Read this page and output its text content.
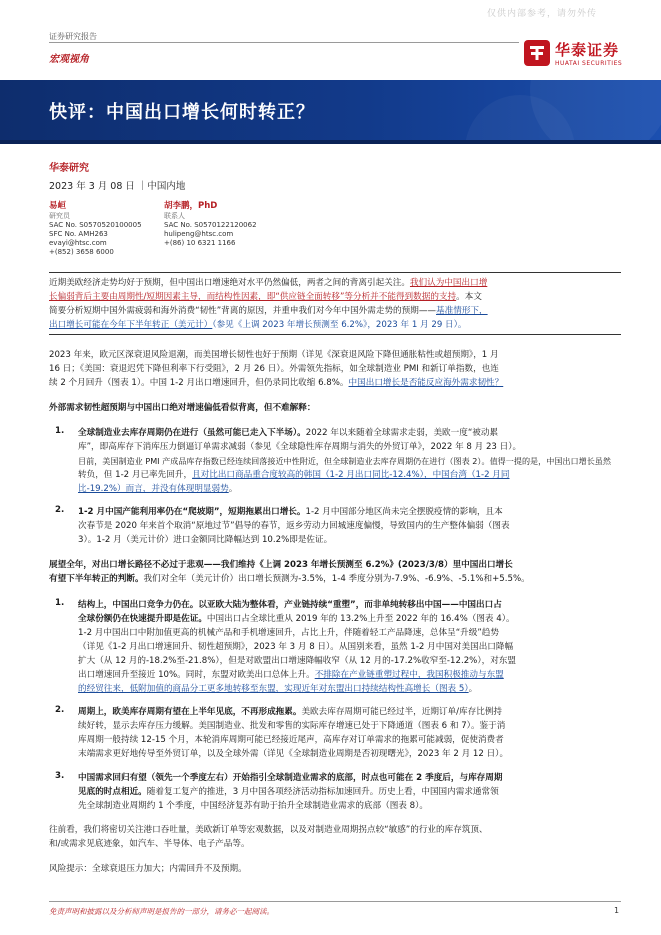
仅供内部参考，请勿外传
证券研究报告
宏观视角
华泰证券
HUATAI SECURITIES
快评：中国出口增长何时转正？
华泰研究
2023 年 3 月 08 日 ｜中国内地
易峘
研究员
SAC No. S0570520100005
SFC No. AMH263
evayi@htsc.com
+(852) 3658 6000
胡李鹏，PhD
联系人
SAC No. S0570122120062
hulipeng@htsc.com
+(86) 10 6321 1166
近期美欧经济走势均好于预期，但中国出口增速绝对水平仍然偏低，两者之间的背离引起关注。我们认为中国出口增
长偏弱背后主要由周期性/短期因素主导，而结构性因素，即“供应链全面转移”等分析并不能得到数据的支持。本文
简要分析短期中国外需疲弱和海外消费“韧性”背离的原因，并重申我们对今年中国外需走势的预期——基准情形下，
出口增长可能在今年下半年转正（美元计）（参见《上调 2023 年增长预测至 6.2%》，2023 年 1 月 29 日）。
2023 年来，欧元区深衰退风险退潮，而美国增长韧性也好于预期（详见《深衰退风险下降但通胀粘性或超预期》，1 月
16 日；《美国：衰退迟凭下降但利率下行受阻》，2 月 26 日）。外需领先指标，如全球制造业 PMI 和新订单指数，也连
续 2 个月回升（图表 1）。中国 1-2 月出口增速回升，但仍录同比收缩 6.8%。中国出口增长是否能反应海外需求韧性？
外部需求韧性超预期与中国出口绝对增速偏低看似背离，但不难解释：
1. 全球制造业去库存周期仍在进行（虽然可能已走入下半场）。2022 年以来随着全球需求走弱，美欧一度“被动累
库”，即高库存下消库压力倒逼订单需求减弱（参见《全球隐性库存周期与消失的外贸订单》，2022 年 8 月 23 日）。
目前，美国制造业 PMI 产成品库存指数已经连续回落接近中性附近，但全球制造业去库存周期仍在进行（图表 2）。值得一提的是，中国出口增长虽然
转负，但 1-2 月已率先回升，且对比出口商品重合度较高的韩国（1-2 月出口同比-12.4%），中国台湾（1-2 月同
比-19.2%）而言，并没有体现明显弱势。
2. 1-2 月中国产能利用率仍在“爬坡期”，短期拖累出口增长。1-2 月中国部分地区尚未完全摆脱疫情的影响，且本
次春节是 2020 年来首个取消“原地过节”倡导的春节，返乡劳动力回城速度偏慢，导致国内的生产整体偏弱（图表
3）。1-2 月（美元计价）进口金额同比降幅达到 10.2%即是佐证。
展望全年，对出口增长路径不必过于悲观——我们维持《上调 2023 年增长预测至 6.2%》(2023/3/8）里中国出口增长
有望下半年转正的判断。我们对全年（美元计价）出口增长预测为-3.5%，1-4 季度分别为-7.9%、-6.9%、-5.1%和+5.5%。
1. 结构上，中国出口竞争力仍在。以亚欧大陆为整体看，产业链持续“重塑”，而非单纯转移出中国——中国出口占
全球份额仍在快速提升即是佐证。中国出口占全球比重从 2019 年的 13.2%上升至 2022 年的 16.4%（图表 4）。
1-2 月中国出口中附加值更高的机械产品和手机增速回升，占比上升，伴随着轻工产品降速，总体呈“升级”趋势
（详见《1-2 月出口增速回升、韧性超预期》，2023 年 3 月 8 日）。从国别来看，虽然 1-2 月中国对美国出口降幅
扩大（从 12 月的-18.2%至-21.8%），但是对欧盟出口增速降幅收窄（从 12 月的-17.2%收窄至-12.2%），对东盟
出口增速回升至接近 10%。同时，东盟对欧美出口总体上升。不排除在产业链重塑过程中，我国积极推动与东盟
的经贸往来，低附加值的商品分工更多地转移至东盟，实现近年对东盟出口持续结构性高增长（图表 5）。
2. 周期上，欧美库存周期有望在上半年见底，不再形成拖累。美欧去库存周期可能已经过半，近期订单/库存比例持
续好转，显示去库存压力缓解。美国制造业、批发和零售的实际库存增速已处于下降通道（图表 6 和 7）。鉴于消
库周期一般持续 12-15 个月，本轮消库周期可能已经接近尾声，高库存对订单需求的拖累可能减弱，促使消费者
末端需求更好地传导至外贸订单，以及全球外需（详见《全球制造业周期是否初现曙光》，2023 年 2 月 12 日）。
3. 中国需求回归有望（领先一个季度左右）开始指引全球制造业需求的底部，时点也可能在 2 季度后，与库存周期
见底的时点相近。随着复工复产的推进，3 月中国各项经济活动指标加速回升。历史上看，中国国内需求通常领
先全球制造业周期约 1 个季度，中国经济复苏有助于抬升全球制造业需求的底部（图表 8）。
往前看，我们将密切关注港口吞吐量，美欧新订单等宏观数据，以及对制造业周期拐点较“敏感”的行业的库存筑顶、
和/或需求见底迹象，如汽车、半导体、电子产品等。
风险提示：全球衰退压力加大；内需回升不及预期。
免责声明和披露以及分析师声明是报告的一部分，请务必一起阅读。	1
